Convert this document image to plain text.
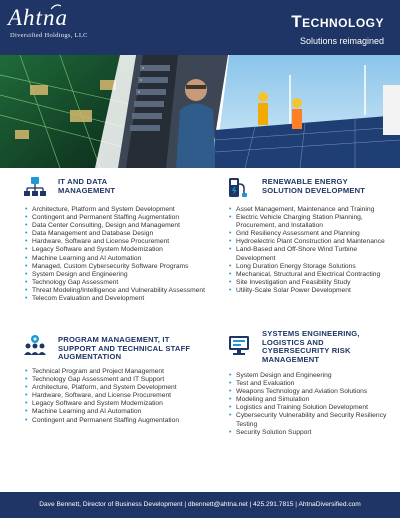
Ahtna
Diversified Holdings, LLC
Technology
Solutions reimagined
IT AND DATA
MANAGEMENT
• Architecture, Platform and System Development
• Contingent and Permanent Staffing Augmentation
• Data Center Consulting, Design and Management
• Data Management and Database Design
• Hardware, Software and License Procurement
• Legacy Software and System Modernization
• Machine Learning and AI Automation
• Managed, Custom Cybersecurity Software Programs
• System Design and Engineering
• Technology Gap Assessment
• Threat Modeling/Intelligence and Vulnerability Assessment
• Telecom Evaluation and Development
PROGRAM MANAGEMENT, IT
SUPPORT AND TECHNICAL STAFF
AUGMENTATION
• Technical Program and Project Management
• Technology Gap Assessment and IT Support
• Architecture, Platform, and System Development
• Hardware, Software, and License Procurement
• Legacy Software and System Modernization
• Machine Learning and AI Automation
• Contingent and Permanent Staffing Augmentation
RENEWABLE ENERGY
SOLUTION DEVELOPMENT
• Asset Management, Maintenance and Training
• Electric Vehicle Charging Station Planning, Procurement, and Installation
• Grid Resiliency Assessment and Planning
• Hydroelectric Plant Construction and Maintenance
• Land-Based and Off-Shore Wind Turbine Development
• Long Duration Energy Storage Solutions
• Mechanical, Structural and Electrical Contracting
• Site Investigation and Feasibility Study
• Utility-Scale Solar Power Development
SYSTEMS ENGINEERING,
LOGISTICS AND
CYBERSECURITY RISK
MANAGEMENT
• System Design and Engineering
• Test and Evaluation
• Weapons Technology and Aviation Solutions
• Modeling and Simulation
• Logistics and Training Solution Development
• Cybersecurity Vulnerability and Security Resiliency Testing
• Security Solution Support
Dave Bennett, Director of Business Development | dbennett@ahtna.net | 425.291.7815 | AhtnaDiversified.com
